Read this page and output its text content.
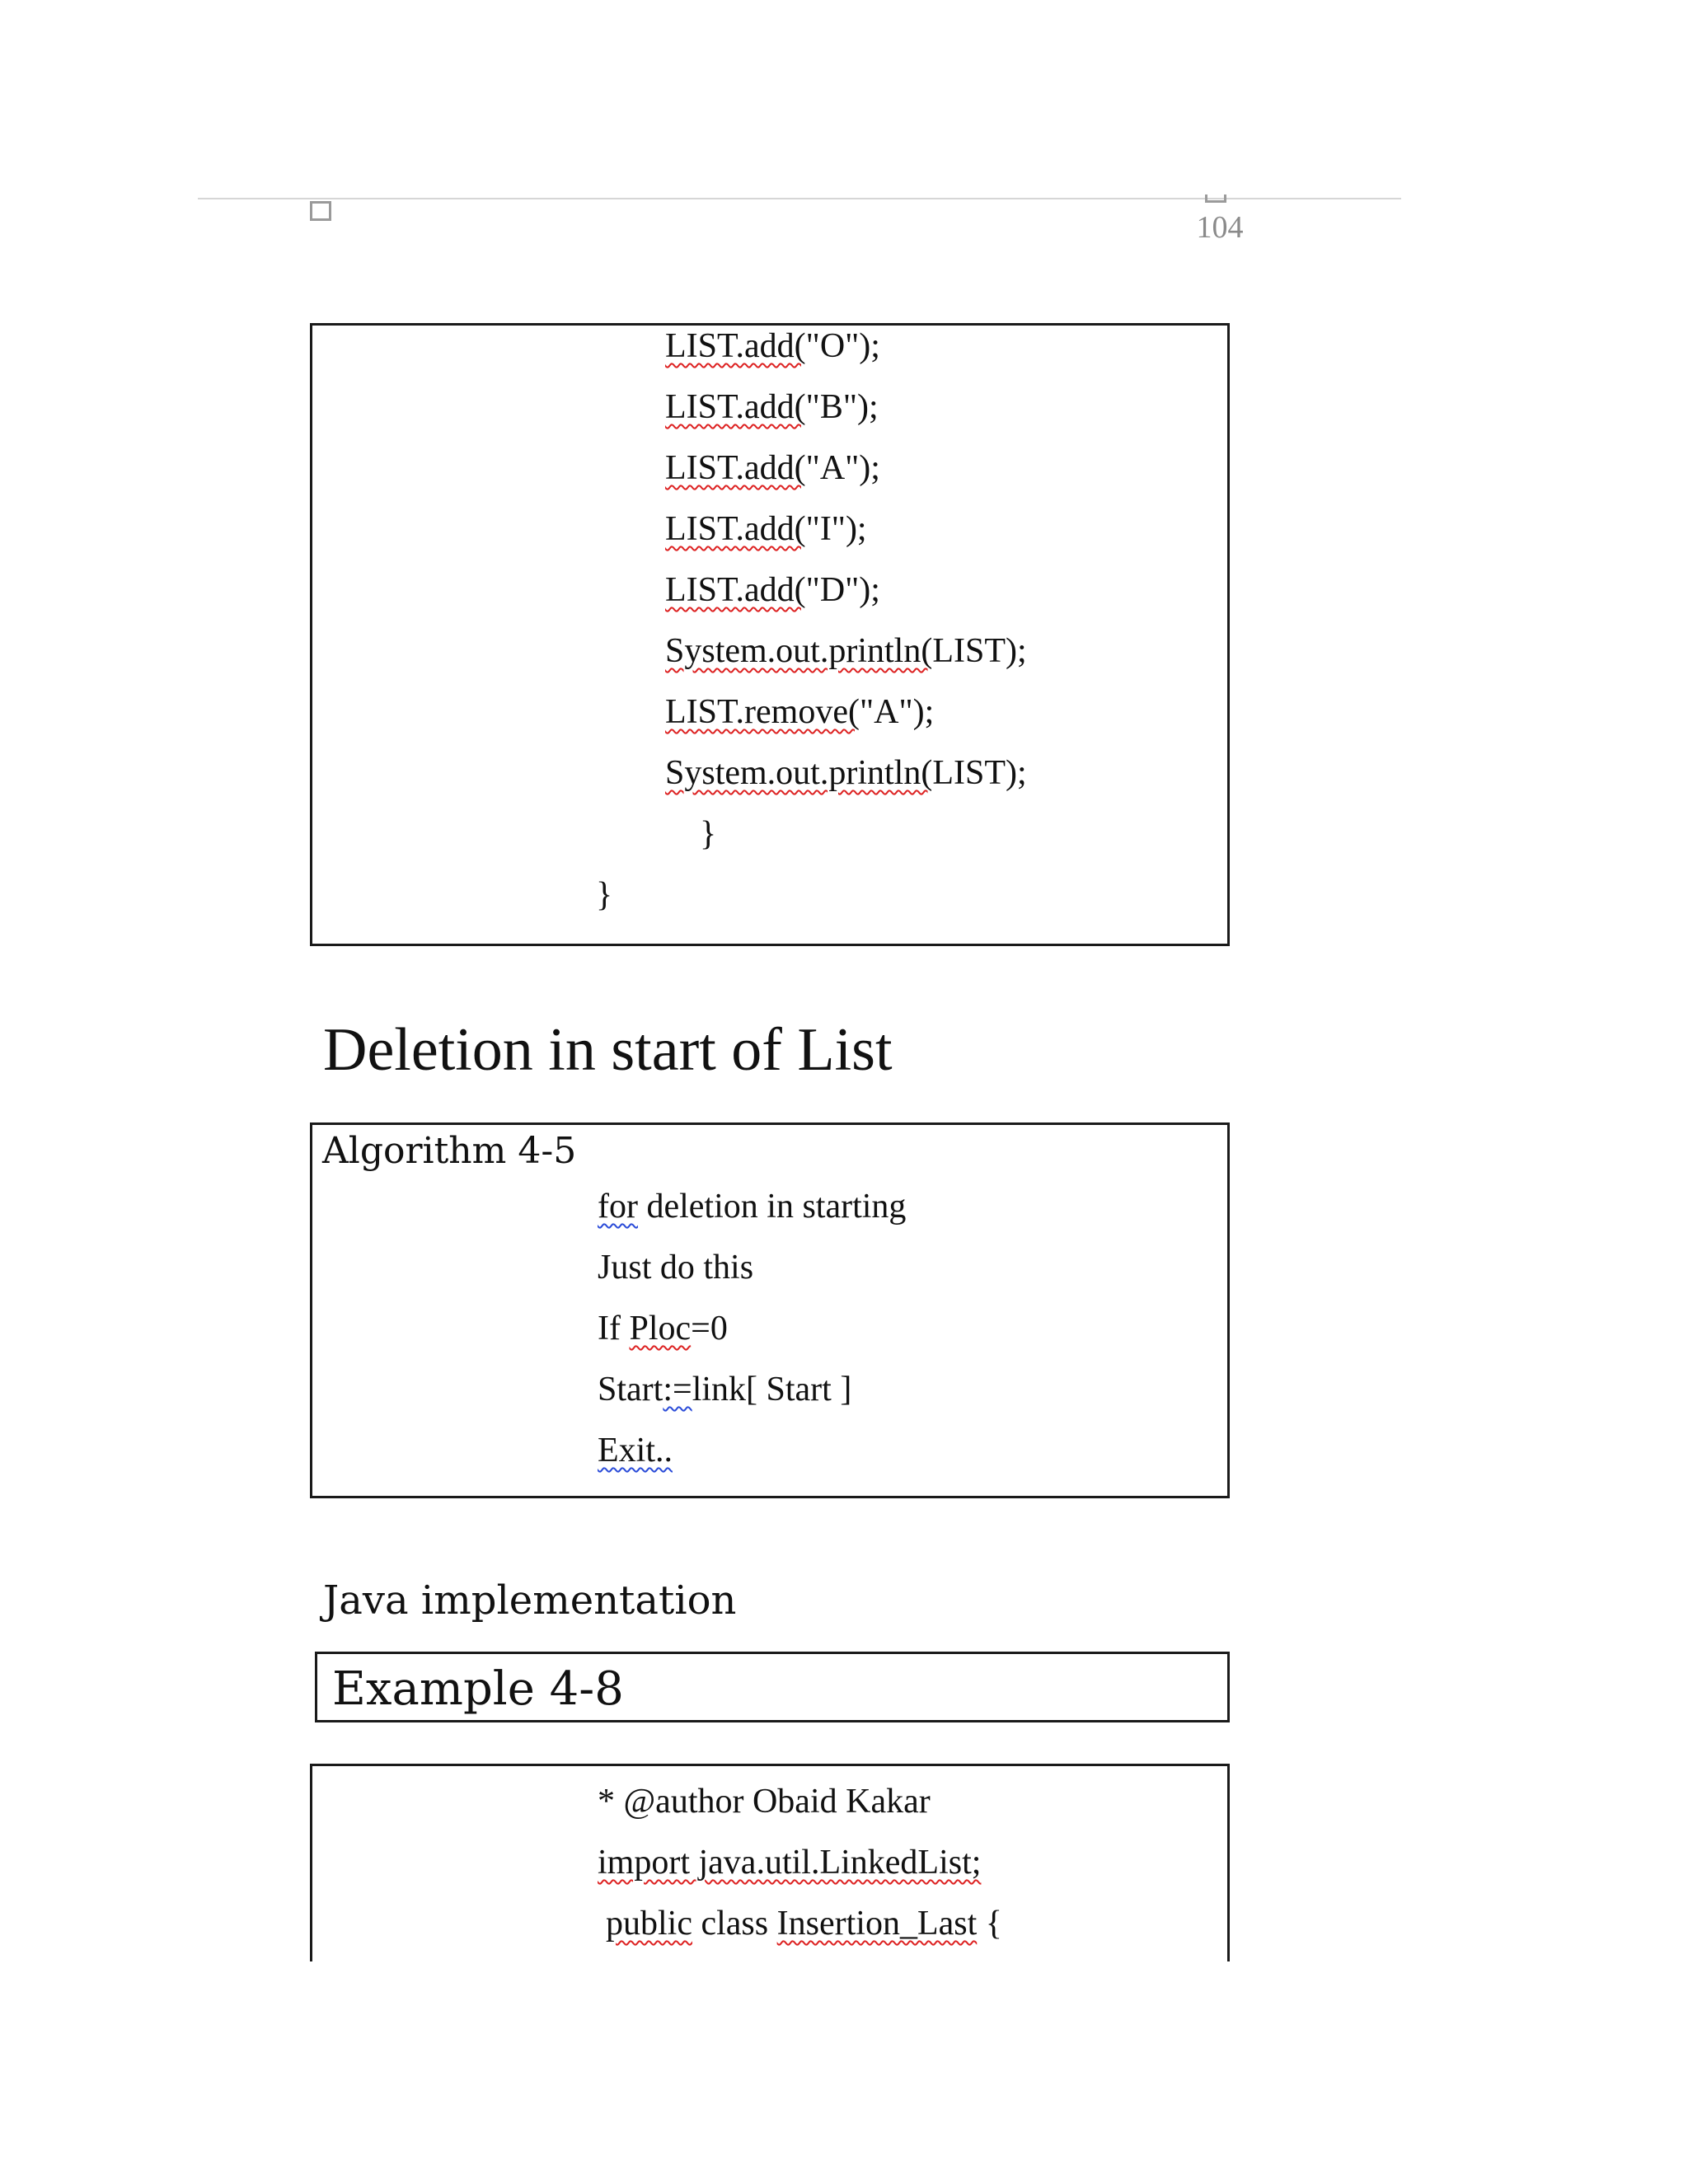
104
LIST.add("O");
LIST.add("B");
LIST.add("A");
LIST.add("I");
LIST.add("D");
System.out.println(LIST);
LIST.remove("A");
System.out.println(LIST);
}
}
Deletion in start of List
Algorithm 4-5
for deletion in starting
Just do this
If Ploc=0
Start:=link[ Start ]
Exit..
Java implementation
Example 4-8
* @author Obaid Kakar
import java.util.LinkedList;
public class Insertion_Last {
